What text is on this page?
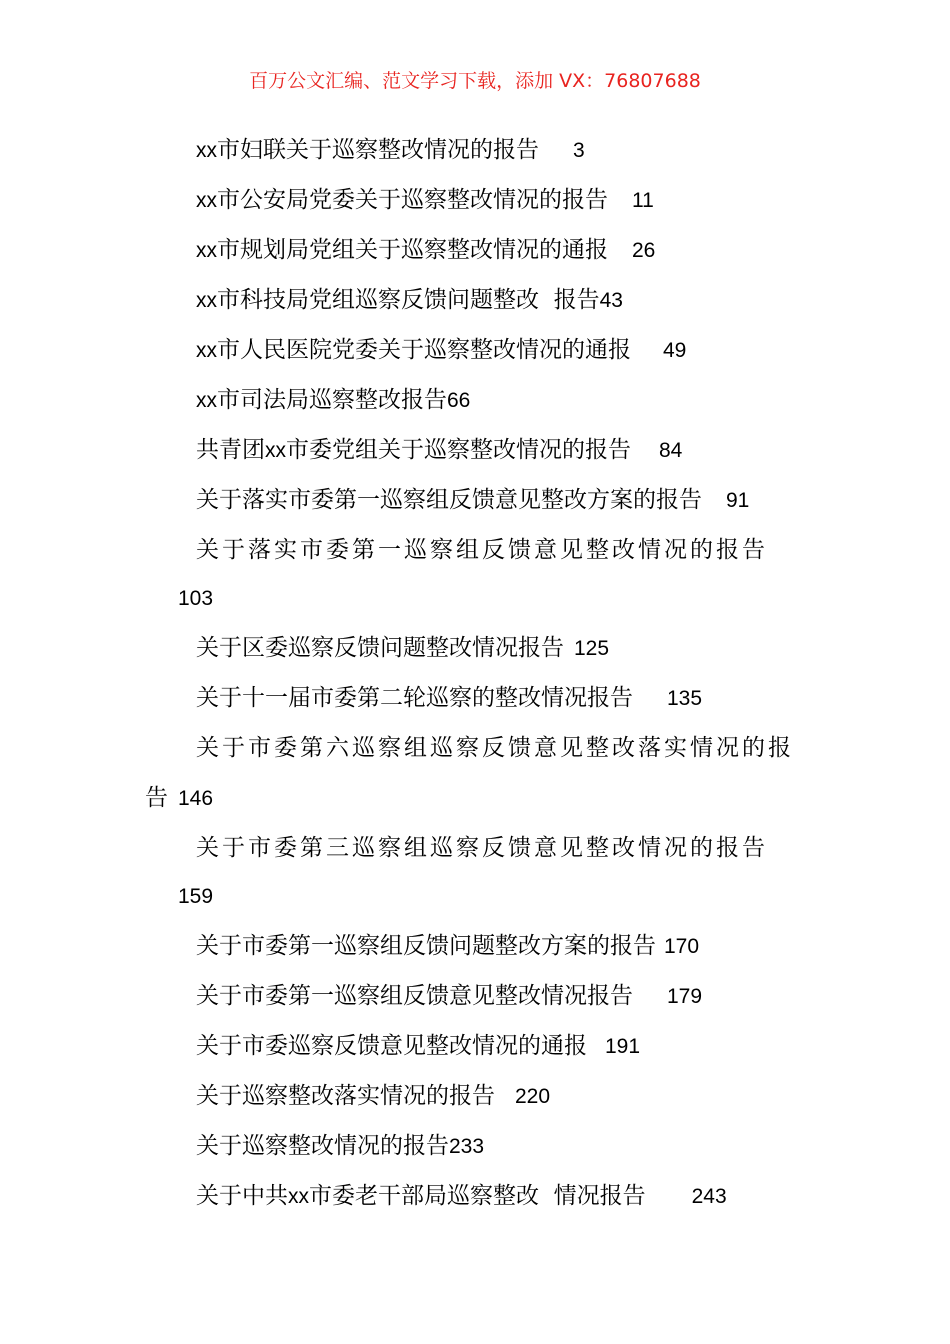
百万公文汇编、范文学习下载，添加 VX：76807688
xx市妇联关于巡察整改情况的报告 3
xx市公安局党委关于巡察整改情况的报告 11
xx市规划局党组关于巡察整改情况的通报 26
xx市科技局党组巡察反馈问题整改  报告43
xx市人民医院党委关于巡察整改情况的通报 49
xx市司法局巡察整改报告66
共青团xx市委党组关于巡察整改情况的报告 84
关于落实市委第一巡察组反馈意见整改方案的报告 91
关于落实市委第一巡察组反馈意见整改情况的报告
103
关于区委巡察反馈问题整改情况报告 125
关于十一届市委第二轮巡察的整改情况报告 135
关于市委第六巡察组巡察反馈意见整改落实情况的报
告 146
关于市委第三巡察组巡察反馈意见整改情况的报告
159
关于市委第一巡察组反馈问题整改方案的报告 170
关于市委第一巡察组反馈意见整改情况报告 179
关于市委巡察反馈意见整改情况的通报 191
关于巡察整改落实情况的报告 220
关于巡察整改情况的报告233
关于中共xx市委老干部局巡察整改  情况报告 243
